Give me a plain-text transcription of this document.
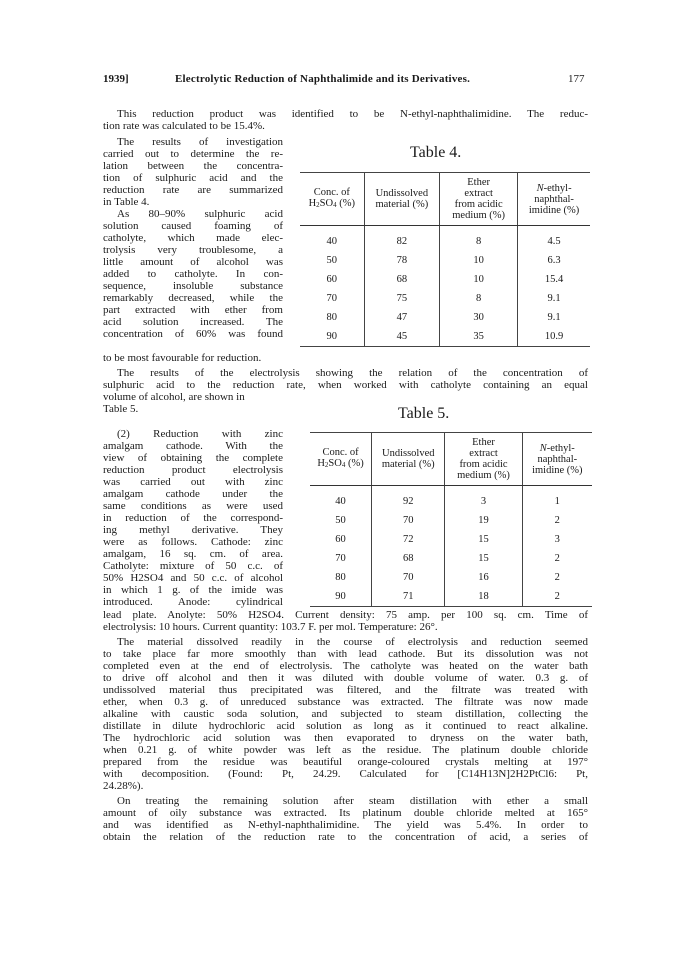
1939]	Electrolytic Reduction of Naphthalimide and its Derivatives.	177
This reduction product was identified to be N-ethyl-naphthalimidine. The reduc-
tion rate was calculated to be 15.4%.
The results of investigation
carried out to determine the re-
lation between the concentra-
tion of sulphuric acid and the
reduction rate are summarized
in Table 4.
As 80–90% sulphuric acid
solution caused foaming of
catholyte, which made elec-
trolysis very troublesome, a
little amount of alcohol was
added to catholyte. In con-
sequence, insoluble substance
remarkably decreased, while the
part extracted with ether from
acid solution increased. The
concentration of 60% was found
Table 4.
Conc. of
H2SO4 (%)	Undissolved
material (%)	Ether
extract
from acidic
medium (%)	N-ethyl-
naphthal-
imidine (%)
40	82	8	4.5
50	78	10	6.3
60	68	10	15.4
70	75	8	9.1
80	47	30	9.1
90	45	35	10.9
to be most favourable for reduction.
The results of the electrolysis showing the relation of the concentration of
sulphuric acid to the reduction rate, when worked with catholyte containing an equal
volume of alcohol, are shown in
Table 5.	Table 5.
Conc. of
H2SO4 (%)	Undissolved
material (%)	Ether
extract
from acidic
medium (%)	N-ethyl-
naphthal-
imidine (%)
40	92	3	1
50	70	19	2
60	72	15	3
70	68	15	2
80	70	16	2
90	71	18	2
(2) Reduction with zinc
amalgam cathode. With the
view of obtaining the complete
reduction product electrolysis
was carried out with zinc
amalgam cathode under the
same conditions as were used
in reduction of the correspond-
ing methyl derivative. They
were as follows. Cathode: zinc
amalgam, 16 sq. cm. of area.
Catholyte: mixture of 50 c.c. of
50% H2SO4 and 50 c.c. of alcohol
in which 1 g. of the imide was
introduced. Anode: cylindrical
lead plate. Anolyte: 50% H2SO4. Current density: 75 amp. per 100 sq. cm. Time of
electrolysis: 10 hours. Current quantity: 103.7 F. per mol. Temperature: 26°.
The material dissolved readily in the course of electrolysis and reduction seemed
to take place far more smoothly than with lead cathode. But its dissolution was not
completed even at the end of electrolysis. The catholyte was heated on the water bath
to drive off alcohol and then it was diluted with double volume of water. 0.3 g. of
undissolved material thus precipitated was filtered, and the filtrate was treated with
ether, when 0.3 g. of unreduced substance was extracted. The filtrate was now made
alkaline with caustic soda solution, and subjected to steam distillation, collecting the
distillate in dilute hydrochloric acid solution as long as it continued to react alkaline.
The hydrochloric acid solution was then evaporated to dryness on the water bath,
when 0.21 g. of white powder was left as the residue. The platinum double chloride
prepared from the residue was beautiful orange-coloured crystals melting at 197°
with decomposition. (Found: Pt, 24.29. Calculated for [C14H13N]2H2PtCl6: Pt,
24.28%).
On treating the remaining solution after steam distillation with ether a small
amount of oily substance was extracted. Its platinum double chloride melted at 165°
and was identified as N-ethyl-naphthalimidine. The yield was 5.4%. In order to
obtain the relation of the reduction rate to the concentration of acid, a series of
